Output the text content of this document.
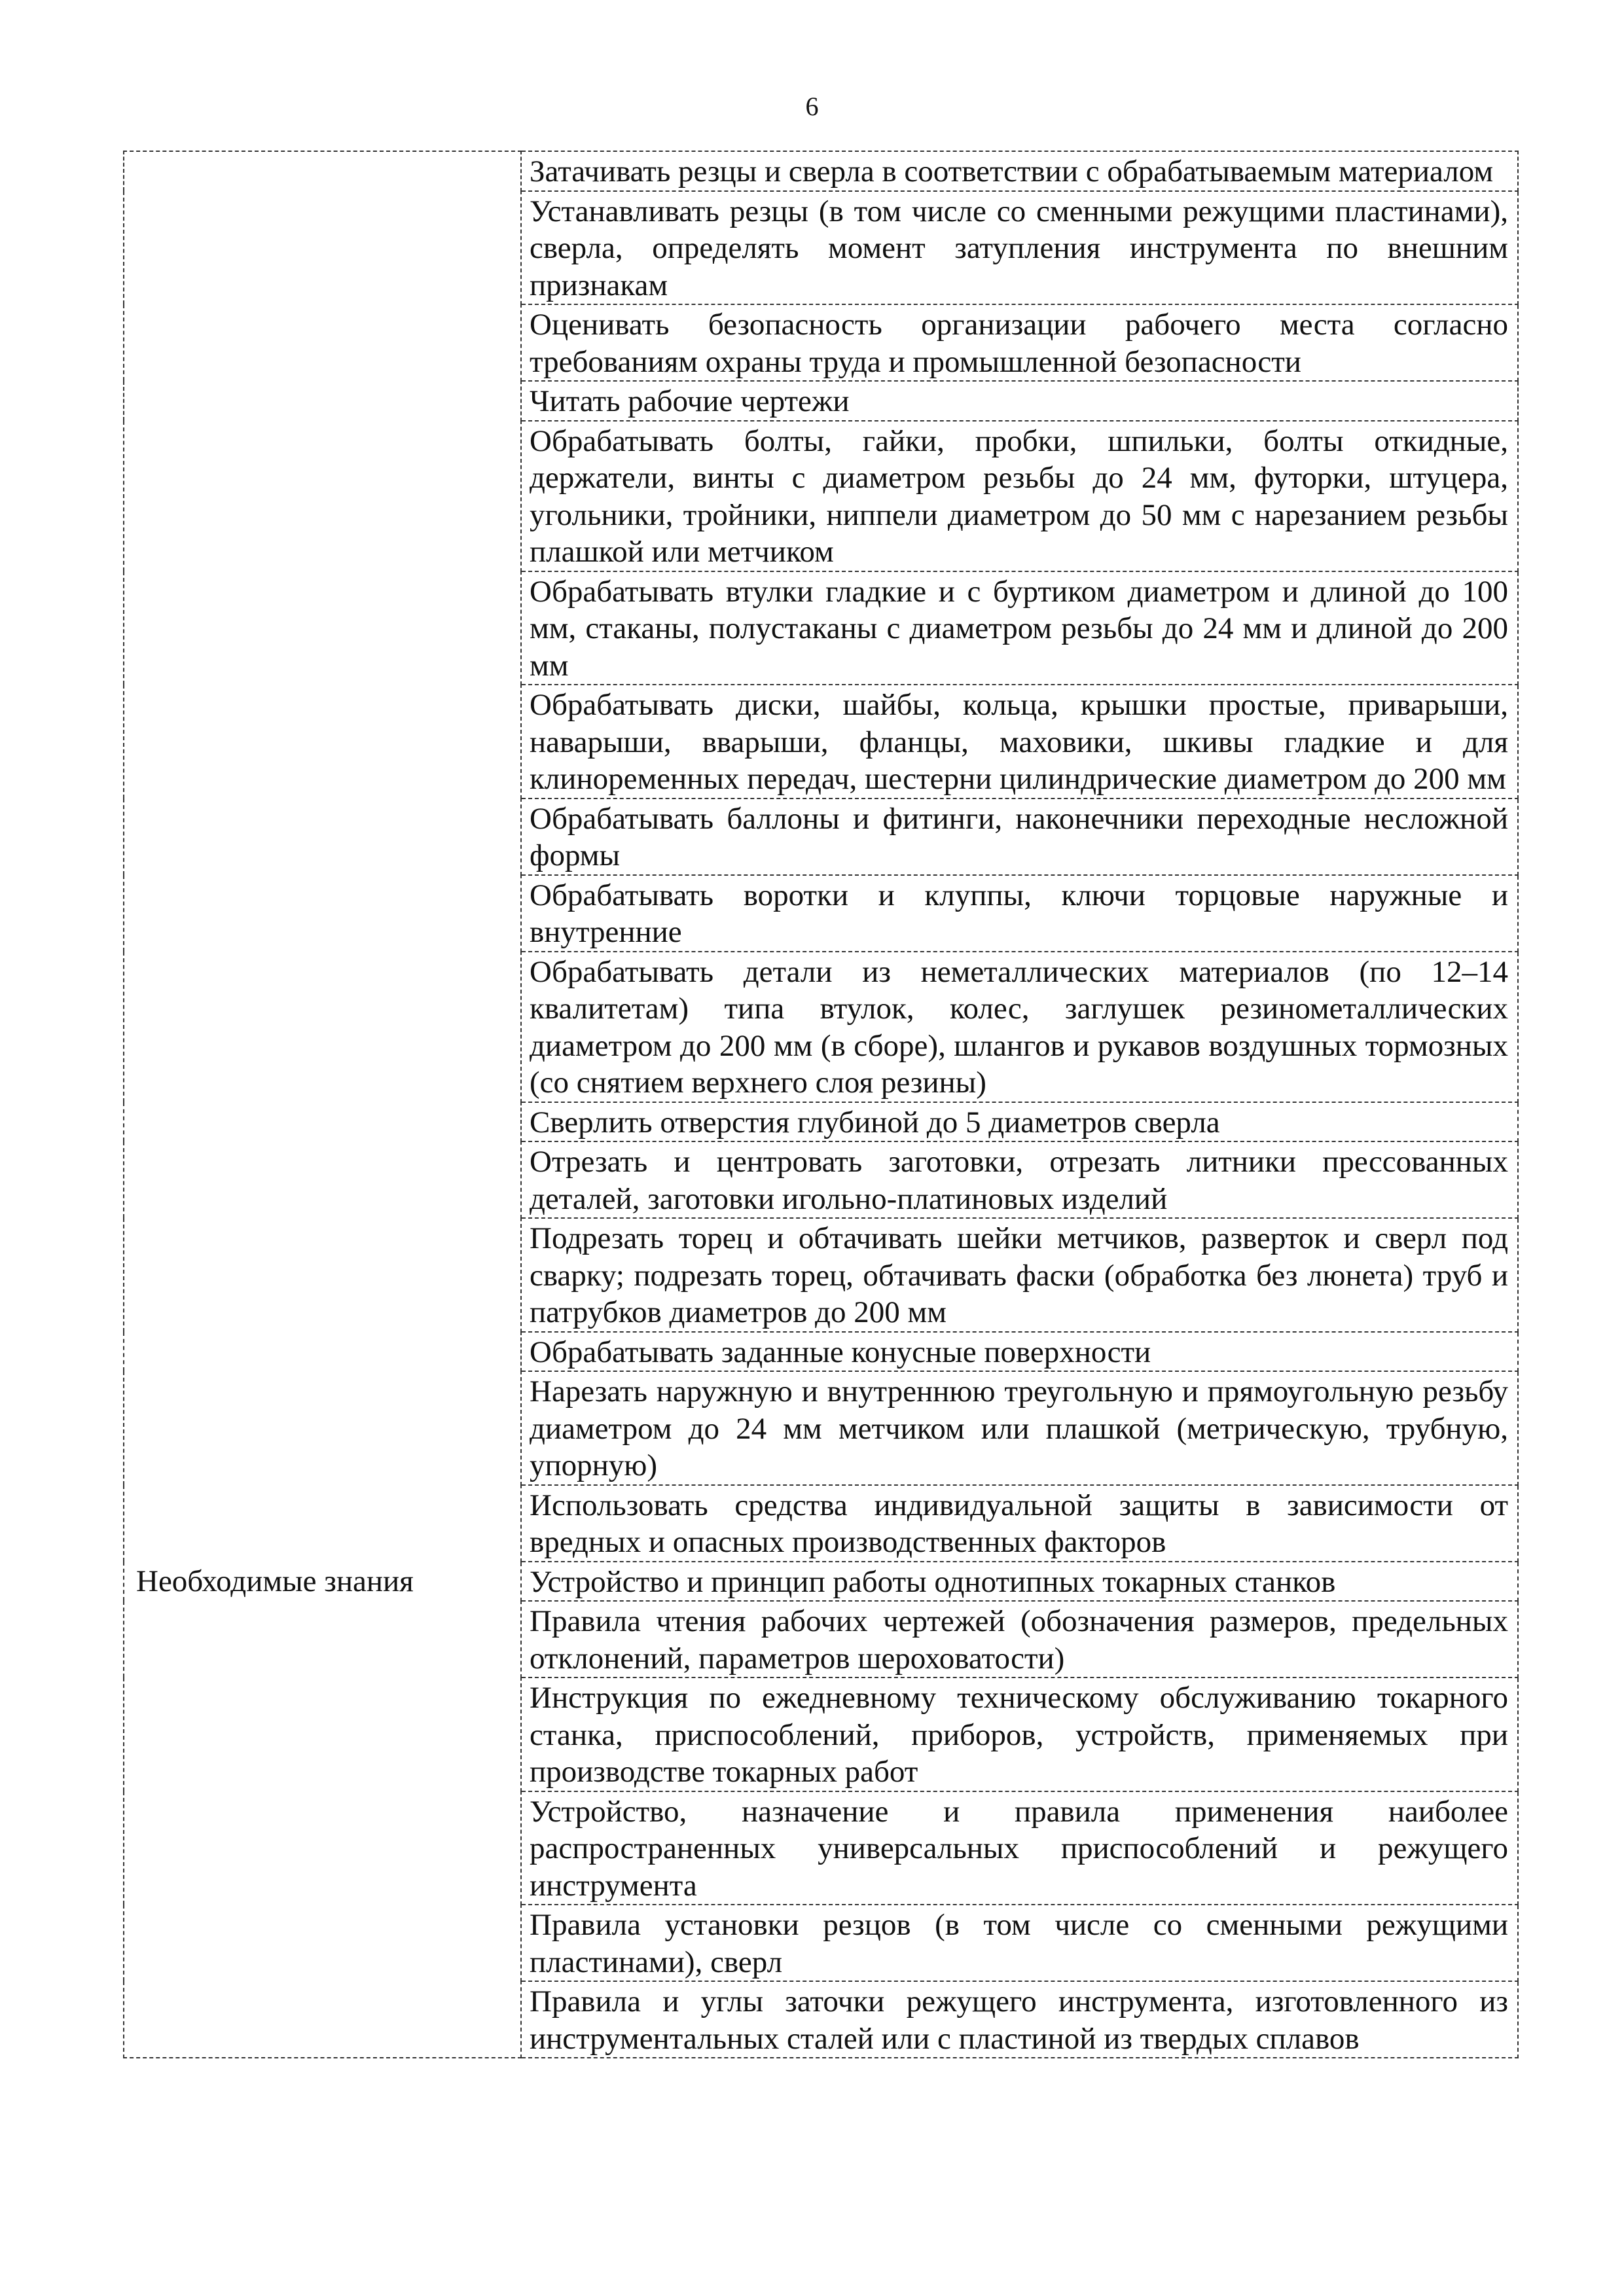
6
	Затачивать резцы и сверла в соответствии с обрабатываемым материалом
	Устанавливать резцы (в том числе со сменными режущими пластинами), сверла, определять момент затупления инструмента по внешним признакам
	Оценивать безопасность организации рабочего места согласно требованиям охраны труда и промышленной безопасности
	Читать рабочие чертежи
	Обрабатывать болты, гайки, пробки, шпильки, болты откидные, держатели, винты с диаметром резьбы до 24 мм, футорки, штуцера, угольники, тройники, ниппели диаметром до 50 мм с нарезанием резьбы плашкой или метчиком
	Обрабатывать втулки гладкие и с буртиком диаметром и длиной до 100 мм, стаканы, полустаканы с диаметром резьбы до 24 мм и длиной до 200 мм
	Обрабатывать диски, шайбы, кольца, крышки простые, приварыши, наварыши, вварыши, фланцы, маховики, шкивы гладкие и для клиноременных передач, шестерни цилиндрические диаметром до 200 мм
	Обрабатывать баллоны и фитинги, наконечники переходные несложной формы
	Обрабатывать воротки и клуппы, ключи торцовые наружные и внутренние
	Обрабатывать детали из неметаллических материалов (по 12–14 квалитетам) типа втулок, колес, заглушек резинометаллических диаметром до 200 мм (в сборе), шлангов и рукавов воздушных тормозных (со снятием верхнего слоя резины)
	Сверлить отверстия глубиной до 5 диаметров сверла
	Отрезать и центровать заготовки, отрезать литники прессованных деталей, заготовки игольно-платиновых изделий
	Подрезать торец и обтачивать шейки метчиков, разверток и сверл под сварку; подрезать торец, обтачивать фаски (обработка без люнета) труб и патрубков диаметров до 200 мм
	Обрабатывать заданные конусные поверхности
	Нарезать наружную и внутреннюю треугольную и прямоугольную резьбу диаметром до 24 мм метчиком или плашкой (метрическую, трубную, упорную)
	Использовать средства индивидуальной защиты в зависимости от вредных и опасных производственных факторов
Необходимые знания	Устройство и принцип работы однотипных токарных станков
	Правила чтения рабочих чертежей (обозначения размеров, предельных отклонений, параметров шероховатости)
	Инструкция по ежедневному техническому обслуживанию токарного станка, приспособлений, приборов, устройств, применяемых при производстве токарных работ
	Устройство, назначение и правила применения наиболее распространенных универсальных приспособлений и режущего инструмента
	Правила установки резцов (в том числе со сменными режущими пластинами), сверл
	Правила и углы заточки режущего инструмента, изготовленного из инструментальных сталей или с пластиной из твердых сплавов
